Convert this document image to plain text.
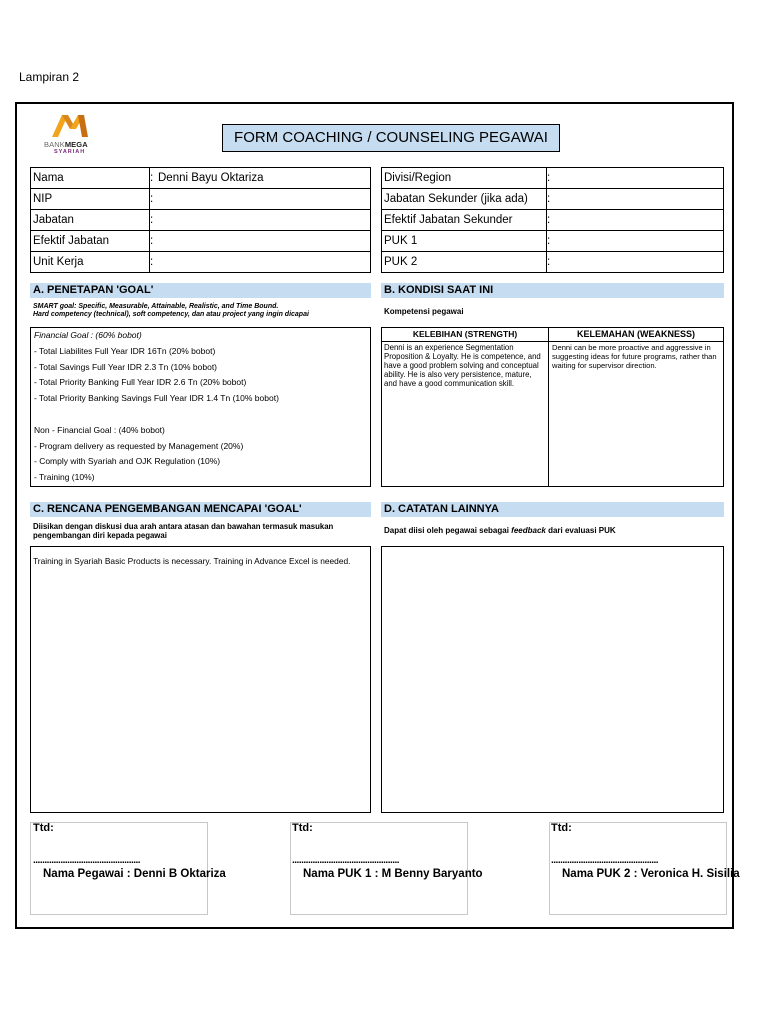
Lampiran 2
BANKMEGA
SYARIAH
FORM COACHING / COUNSELING PEGAWAI
Nama	: Denni Bayu Oktariza
NIP	:
Jabatan	:
Efektif Jabatan	:
Unit Kerja	:
Divisi/Region	:
Jabatan Sekunder (jika ada)	:
Efektif Jabatan Sekunder	:
PUK 1	:
PUK 2	:
A. PENETAPAN 'GOAL'
SMART goal: Specific, Measurable, Attainable, Realistic, and Time Bound.
Hard competency (technical), soft competency, dan atau project yang ingin dicapai
Financial Goal : (60% bobot)
- Total Liabilites Full Year IDR 16Tn (20% bobot)
- Total Savings Full Year IDR 2.3 Tn (10% bobot)
- Total Priority Banking Full Year IDR 2.6 Tn (20% bobot)
- Total Priority Banking Savings Full Year IDR 1.4 Tn (10% bobot)
Non - Financial Goal : (40% bobot)
- Program delivery as requested by Management (20%)
- Comply with Syariah and OJK Regulation (10%)
- Training (10%)
B. KONDISI SAAT INI
Kompetensi pegawai
KELEBIHAN (STRENGTH)	KELEMAHAN (WEAKNESS)
Denni is an experience Segmentation Proposition & Loyalty. He is competence, and have a good problem solving and conceptual ability. He is also very persistence, mature, and have a good communication skill.
Denni can be more proactive and aggressive in suggesting ideas for future programs, rather than waiting for supervisor direction.
C. RENCANA PENGEMBANGAN MENCAPAI 'GOAL'
Diisikan dengan diskusi dua arah antara atasan dan bawahan termasuk masukan
pengembangan diri kepada pegawai
Training in Syariah Basic Products is necessary. Training in Advance Excel is needed.
D. CATATAN LAINNYA
Dapat diisi oleh pegawai sebagai feedback dari evaluasi PUK
Ttd:
...............................................
Nama Pegawai : Denni B Oktariza
Ttd:
...............................................
Nama PUK 1 : M Benny Baryanto
Ttd:
...............................................
Nama PUK 2 : Veronica H. Sisilia
